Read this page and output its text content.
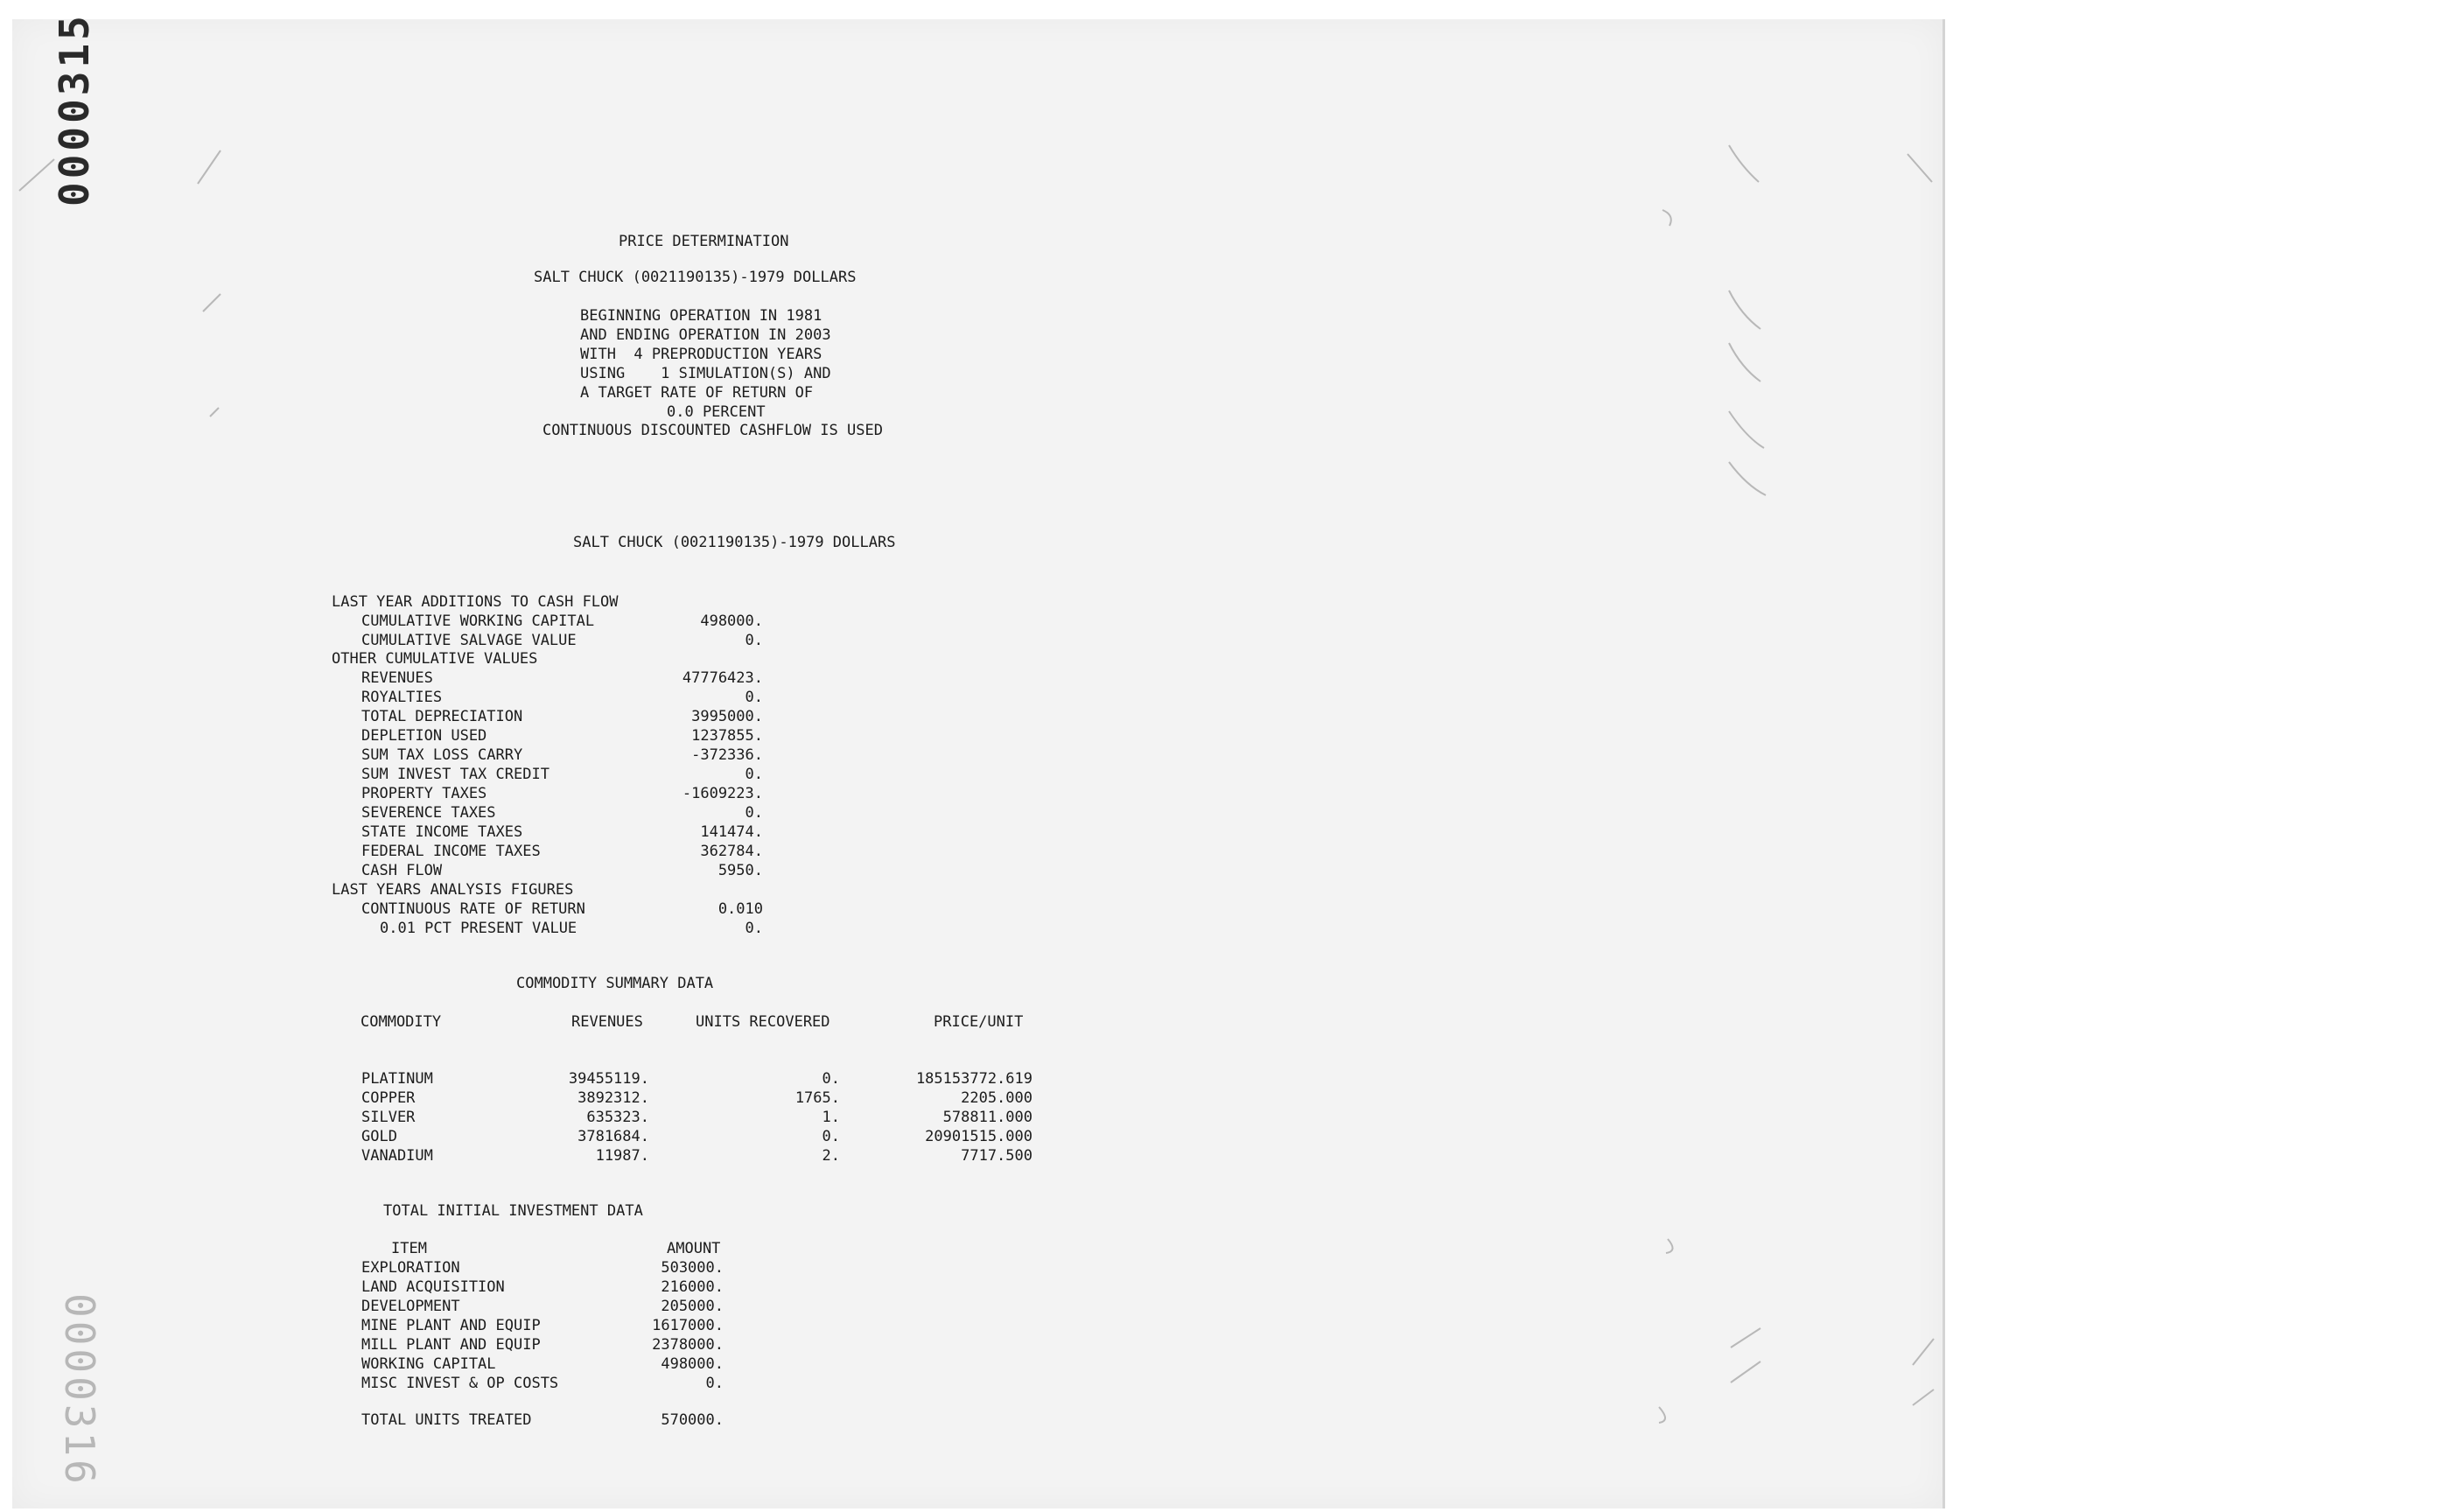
0000315
0000316
PRICE DETERMINATION
SALT CHUCK (0021190135)-1979 DOLLARS
BEGINNING OPERATION IN 1981
AND ENDING OPERATION IN 2003
WITH  4 PREPRODUCTION YEARS
USING    1 SIMULATION(S) AND
A TARGET RATE OF RETURN OF
0.0 PERCENT
CONTINUOUS DISCOUNTED CASHFLOW IS USED
SALT CHUCK (0021190135)-1979 DOLLARS
LAST YEAR ADDITIONS TO CASH FLOW
CUMULATIVE WORKING CAPITAL	498000.
CUMULATIVE SALVAGE VALUE	0.
OTHER CUMULATIVE VALUES
REVENUES	47776423.
ROYALTIES	0.
TOTAL DEPRECIATION	3995000.
DEPLETION USED	1237855.
SUM TAX LOSS CARRY	-372336.
SUM INVEST TAX CREDIT	0.
PROPERTY TAXES	-1609223.
SEVERENCE TAXES	0.
STATE INCOME TAXES	141474.
FEDERAL INCOME TAXES	362784.
CASH FLOW	5950.
LAST YEARS ANALYSIS FIGURES
CONTINUOUS RATE OF RETURN	0.010
0.01 PCT PRESENT VALUE	0.
COMMODITY SUMMARY DATA
COMMODITY	REVENUES	UNITS RECOVERED	PRICE/UNIT
PLATINUM	39455119.	0.	185153772.619
COPPER	3892312.	1765.	2205.000
SILVER	635323.	1.	578811.000
GOLD	3781684.	0.	20901515.000
VANADIUM	11987.	2.	7717.500
TOTAL INITIAL INVESTMENT DATA
ITEM	AMOUNT
EXPLORATION	503000.
LAND ACQUISITION	216000.
DEVELOPMENT	205000.
MINE PLANT AND EQUIP	1617000.
MILL PLANT AND EQUIP	2378000.
WORKING CAPITAL	498000.
MISC INVEST & OP COSTS	0.
TOTAL UNITS TREATED	570000.
